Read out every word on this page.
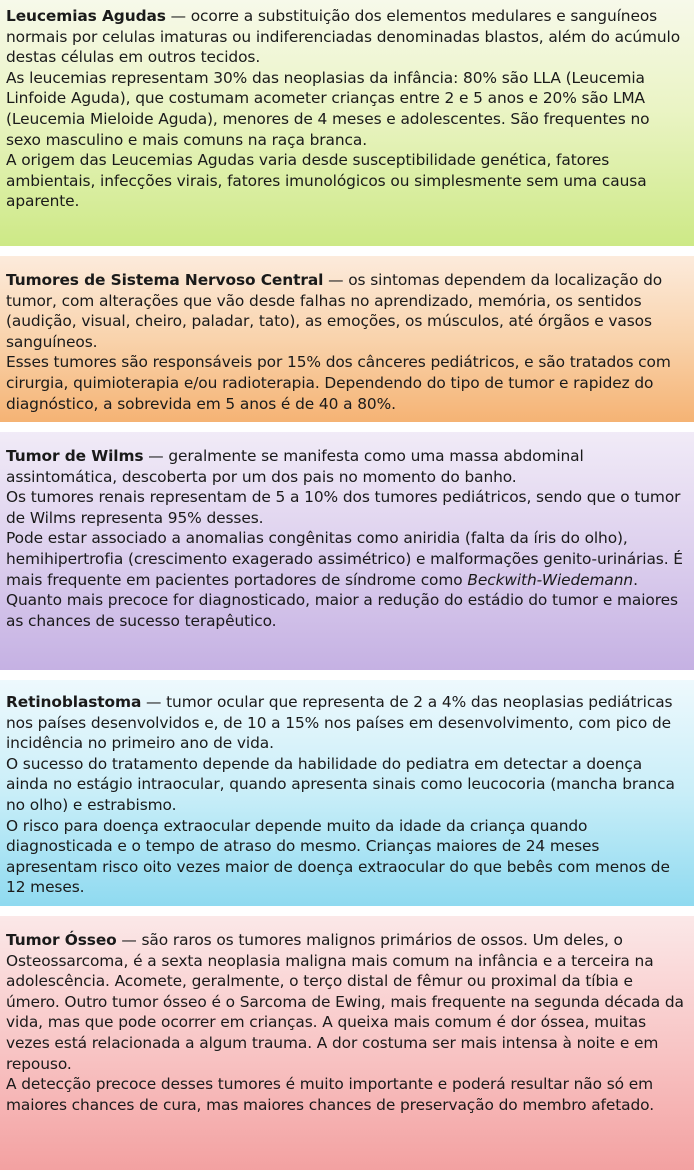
Leucemias Agudas — ocorre a substituição dos elementos medulares e sanguíneos normais por celulas imaturas ou indiferenciadas denominadas blastos, além do acúmulo destas células em outros tecidos.

As leucemias representam 30% das neoplasias da infância: 80% são LLA (Leucemia Linfoide Aguda), que costumam acometer crianças entre 2 e 5 anos e 20% são LMA (Leucemia Mieloide Aguda), menores de 4 meses e adolescentes. São frequentes no sexo masculino e mais comuns na raça branca.

A origem das Leucemias Agudas varia desde susceptibilidade genética, fatores ambientais, infecções virais, fatores imunológicos ou simplesmente sem uma causa aparente.

Tumores de Sistema Nervoso Central — os sintomas dependem da localização do tumor, com alterações que vão desde falhas no aprendizado, memória, os sentidos (audição, visual, cheiro, paladar, tato), as emoções, os músculos, até órgãos e vasos sanguíneos.

Esses tumores são responsáveis por 15% dos cânceres pediátricos, e são tratados com cirurgia, quimioterapia e/ou radioterapia. Dependendo do tipo de tumor e rapidez do diagnóstico, a sobrevida em 5 anos é de 40 a 80%.

Tumor de Wilms — geralmente se manifesta como uma massa abdominal assintomática, descoberta por um dos pais no momento do banho.

Os tumores renais representam de 5 a 10% dos tumores pediátricos, sendo que o tumor de Wilms representa 95% desses.

Pode estar associado a anomalias congênitas como aniridia (falta da íris do olho), hemihipertrofia (crescimento exagerado assimétrico) e malformações genito-urinárias. É mais frequente em pacientes portadores de síndrome como Beckwith-Wiedemann.

Quanto mais precoce for diagnosticado, maior a redução do estádio do tumor e maiores as chances de sucesso terapêutico.

Retinoblastoma — tumor ocular que representa de 2 a 4% das neoplasias pediátricas nos países desenvolvidos e, de 10 a 15% nos países em desenvolvimento, com pico de incidência no primeiro ano de vida.

O sucesso do tratamento depende da habilidade do pediatra em detectar a doença ainda no estágio intraocular, quando apresenta sinais como leucocoria (mancha branca no olho) e estrabismo.

O risco para doença extraocular depende muito da idade da criança quando diagnosticada e o tempo de atraso do mesmo. Crianças maiores de 24 meses apresentam risco oito vezes maior de doença extraocular do que bebês com menos de 12 meses.

Tumor Ósseo — são raros os tumores malignos primários de ossos. Um deles, o Osteossarcoma, é a sexta neoplasia maligna mais comum na infância e a terceira na adolescência. Acomete, geralmente, o terço distal de fêmur ou proximal da tíbia e úmero. Outro tumor ósseo é o Sarcoma de Ewing, mais frequente na segunda década da vida, mas que pode ocorrer em crianças. A queixa mais comum é dor óssea, muitas vezes está relacionada a algum trauma. A dor costuma ser mais intensa à noite e em repouso.

A detecção precoce desses tumores é muito importante e poderá resultar não só em maiores chances de cura, mas maiores chances de preservação do membro afetado.
